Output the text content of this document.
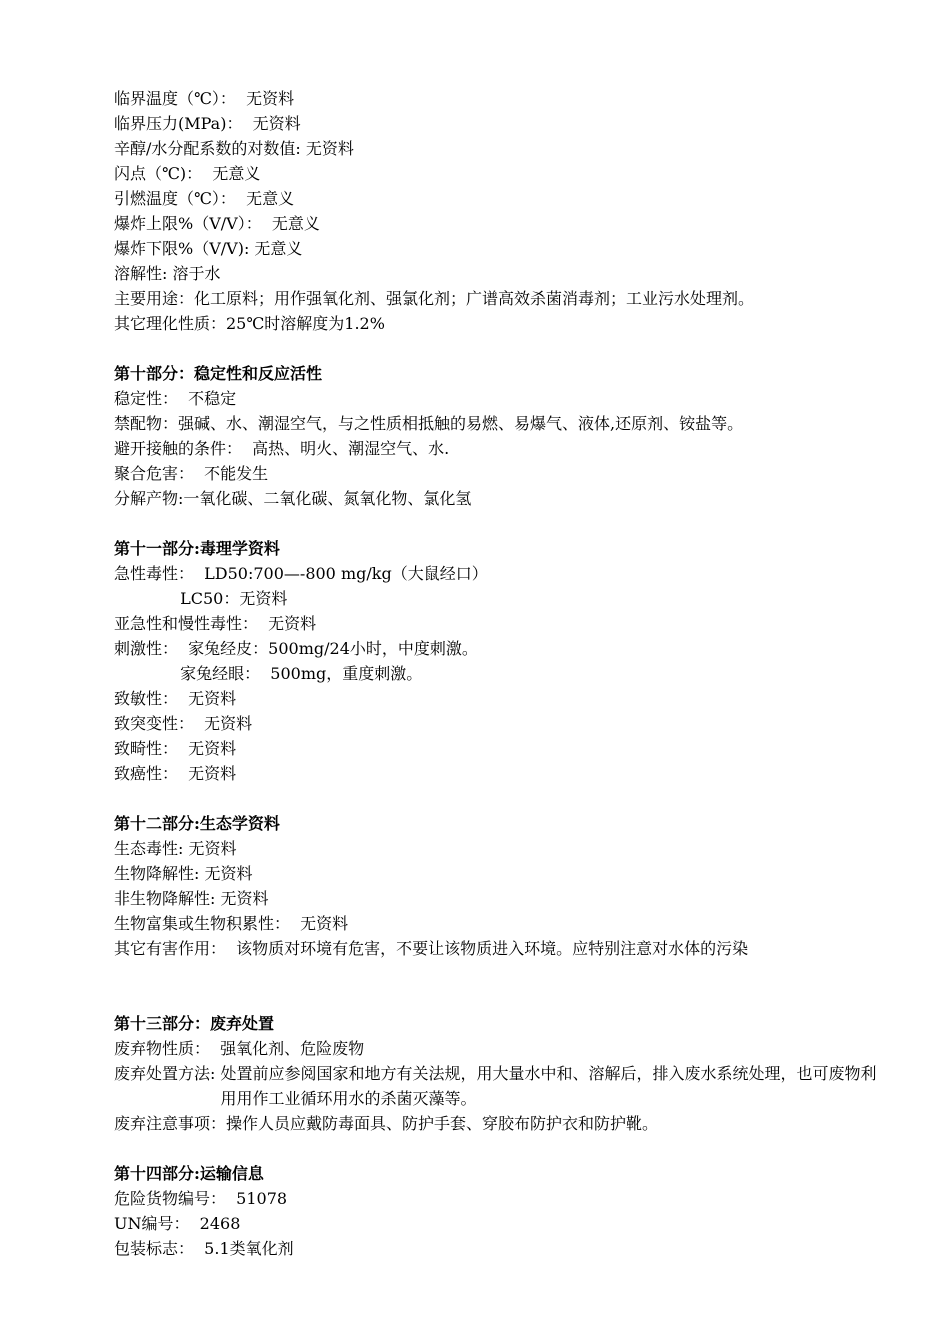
临界温度（℃）：  无资料
临界压力(MPa)：  无资料
辛醇/水分配系数的对数值: 无资料
闪点（℃)：  无意义
引燃温度（℃）：  无意义
爆炸上限%（V/V）：  无意义
爆炸下限%（V/V): 无意义
溶解性: 溶于水
主要用途：化工原料；用作强氧化剂、强氯化剂；广谱高效杀菌消毒剂；工业污水处理剂。
其它理化性质：25℃时溶解度为1.2%
第十部分：稳定性和反应活性
稳定性：  不稳定
禁配物：强碱、水、潮湿空气，与之性质相抵触的易燃、易爆气、液体,还原剂、铵盐等。
避开接触的条件：  高热、明火、潮湿空气、水.
聚合危害：  不能发生
分解产物:一氧化碳、二氧化碳、氮氧化物、氯化氢
第十一部分:毒理学资料
急性毒性：  LD50:700—-800 mg/kg（大鼠经口）
LC50：无资料
亚急性和慢性毒性：  无资料
刺激性：  家兔经皮：500mg/24小时，中度刺激。
家兔经眼：  500mg，重度刺激。
致敏性：  无资料
致突变性：  无资料
致畸性：  无资料
致癌性：  无资料
第十二部分:生态学资料
生态毒性: 无资料
生物降解性: 无资料
非生物降解性: 无资料
生物富集或生物积累性：  无资料
其它有害作用：  该物质对环境有危害，不要让该物质进入环境。应特别注意对水体的污染
第十三部分：废弃处置
废弃物性质：  强氧化剂、危险废物
废弃处置方法: 处置前应参阅国家和地方有关法规，用大量水中和、溶解后，排入废水系统处理，也可废物利用用作工业循环用水的杀菌灭藻等。
废弃注意事项：操作人员应戴防毒面具、防护手套、穿胶布防护衣和防护靴。
第十四部分:运输信息
危险货物编号：  51078
UN编号：  2468
包装标志：  5.1类氧化剂
